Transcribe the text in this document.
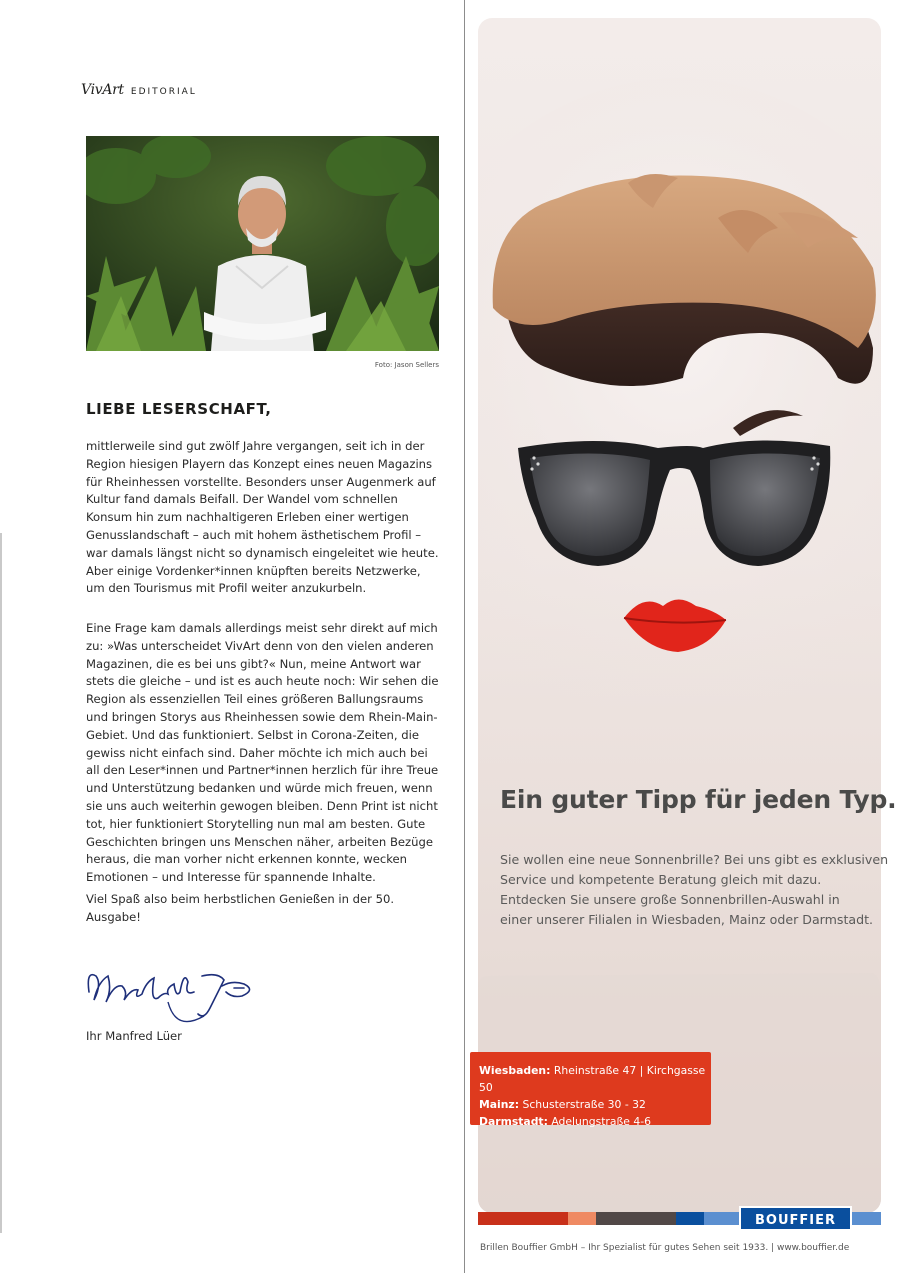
VivArt EDITORIAL
Foto: Jason Sellers
LIEBE LESERSCHAFT,

mittlerweile sind gut zwölf Jahre vergangen, seit ich in der Region hiesigen Playern das Konzept eines neuen Magazins für Rheinhessen vorstellte. Besonders unser Augenmerk auf Kultur fand damals Beifall. Der Wandel vom schnellen Konsum hin zum nachhaltigeren Erleben einer wertigen Genusslandschaft – auch mit hohem ästhetischem Profil – war damals längst nicht so dynamisch eingeleitet wie heute. Aber einige Vordenker*innen knüpften bereits Netzwerke, um den Tourismus mit Profil weiter anzukurbeln.

Eine Frage kam damals allerdings meist sehr direkt auf mich zu: »Was unterscheidet VivArt denn von den vielen anderen Magazinen, die es bei uns gibt?« Nun, meine Antwort war stets die gleiche – und ist es auch heute noch: Wir sehen die Region als essenziellen Teil eines größeren Ballungsraums und bringen Storys aus Rheinhessen sowie dem Rhein-Main-Gebiet. Und das funktioniert. Selbst in Corona-Zeiten, die gewiss nicht einfach sind. Daher möchte ich mich auch bei all den Leser*innen und Partner*innen herzlich für ihre Treue und Unterstützung bedanken und würde mich freuen, wenn sie uns auch weiterhin gewogen bleiben. Denn Print ist nicht tot, hier funktioniert Storytelling nun mal am besten. Gute Geschichten bringen uns Menschen näher, arbeiten Bezüge heraus, die man vorher nicht erkennen konnte, wecken Emotionen – und Interesse für spannende Inhalte.

Viel Spaß also beim herbstlichen Genießen in der 50. Ausgabe!

Ihr Manfred Lüer
Ein guter Tipp für jeden Typ.
Sie wollen eine neue Sonnenbrille? Bei uns gibt es exklusiven
Service und kompetente Beratung gleich mit dazu.
Entdecken Sie unsere große Sonnenbrillen-Auswahl in
einer unserer Filialen in Wiesbaden, Mainz oder Darmstadt.
Wiesbaden: Rheinstraße 47 | Kirchgasse 50
Mainz: Schusterstraße 30 - 32
Darmstadt: Adelungstraße 4-6
BOUFFIER
Brillen Bouffier GmbH – Ihr Spezialist für gutes Sehen seit 1933. | www.bouffier.de
